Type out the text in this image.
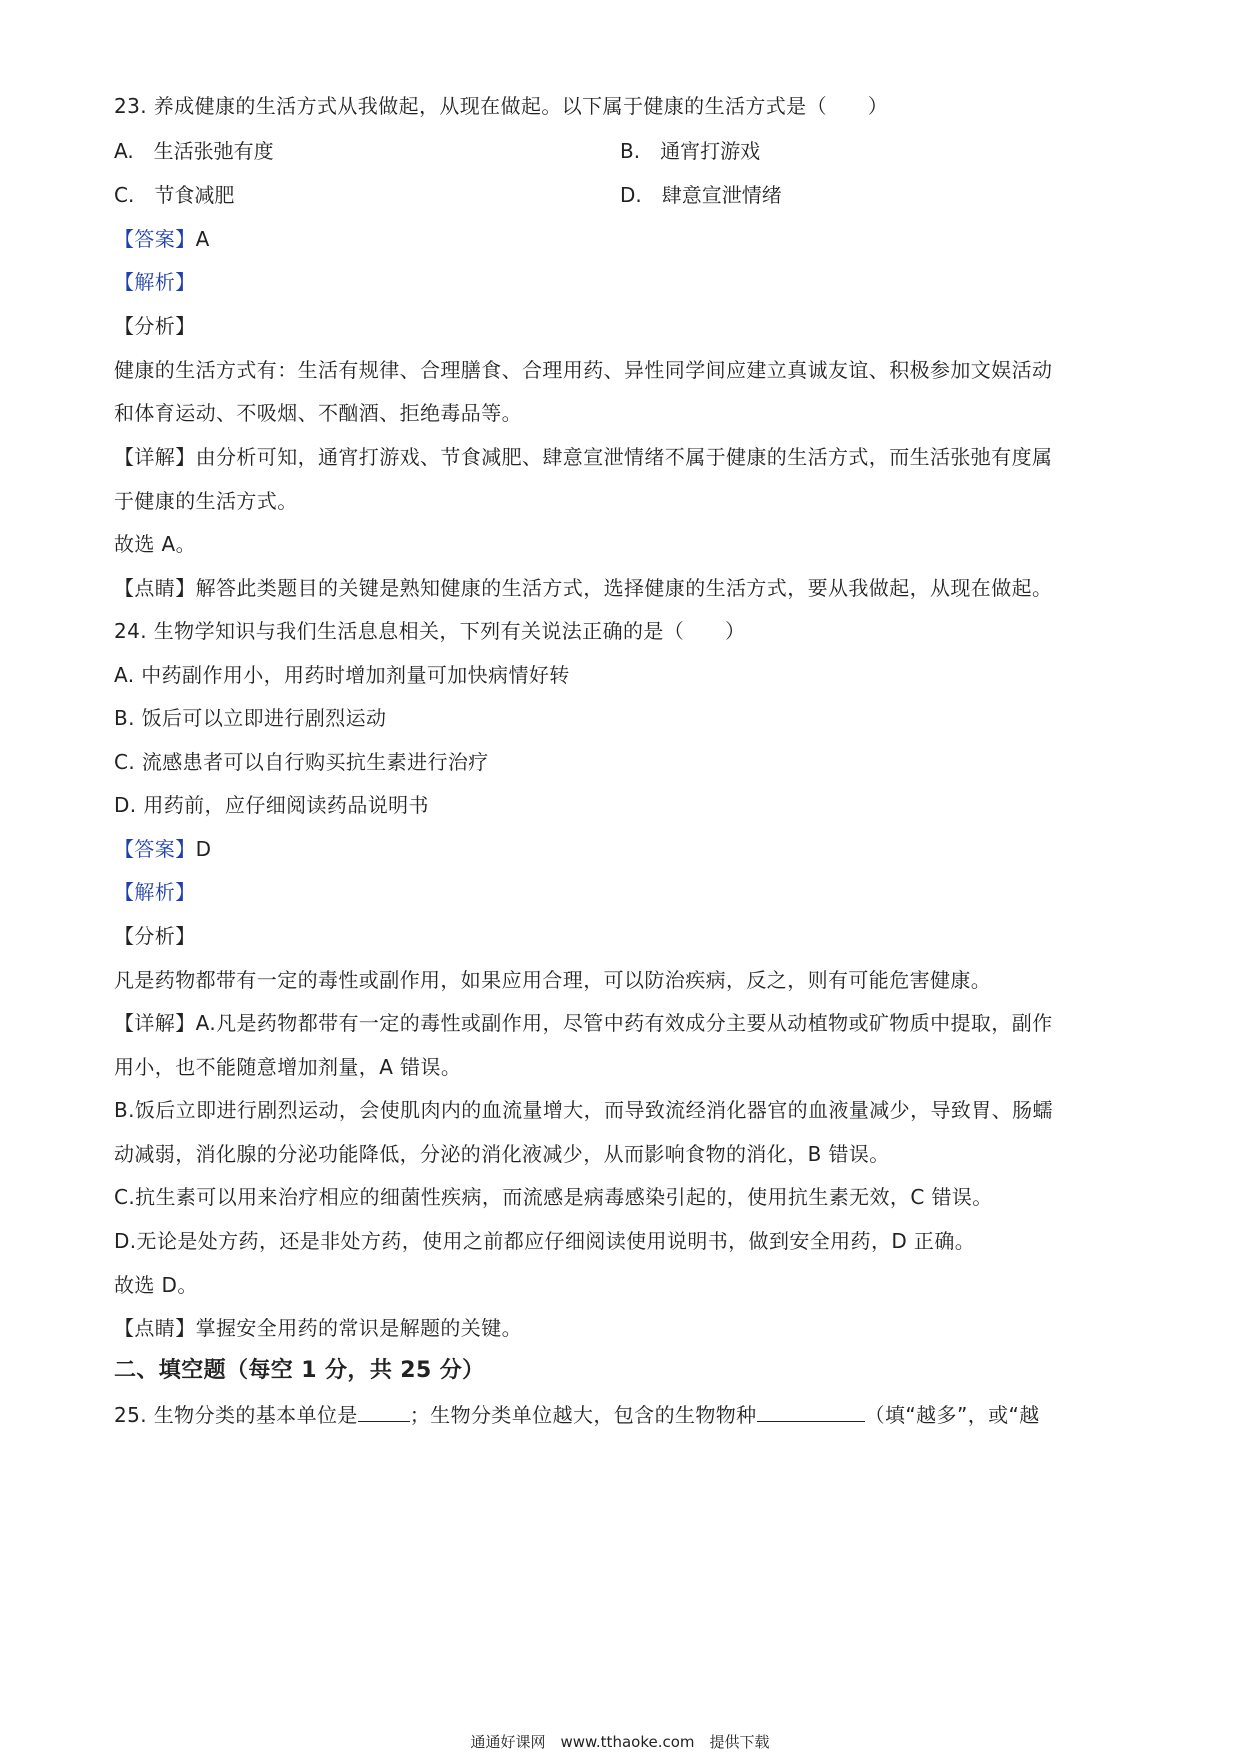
23. 养成健康的生活方式从我做起，从现在做起。以下属于健康的生活方式是（　　）
A.　生活张弛有度	B.　通宵打游戏
C.　节食减肥	D.　肆意宣泄情绪
【答案】A
【解析】
【分析】
健康的生活方式有：生活有规律、合理膳食、合理用药、异性同学间应建立真诚友谊、积极参加文娱活动
和体育运动、不吸烟、不酗酒、拒绝毒品等。
【详解】由分析可知，通宵打游戏、节食减肥、肆意宣泄情绪不属于健康的生活方式，而生活张弛有度属
于健康的生活方式。
故选 A。
【点睛】解答此类题目的关键是熟知健康的生活方式，选择健康的生活方式，要从我做起，从现在做起。
24. 生物学知识与我们生活息息相关，下列有关说法正确的是（　　）
A. 中药副作用小，用药时增加剂量可加快病情好转
B. 饭后可以立即进行剧烈运动
C. 流感患者可以自行购买抗生素进行治疗
D. 用药前，应仔细阅读药品说明书
【答案】D
【解析】
【分析】
凡是药物都带有一定的毒性或副作用，如果应用合理，可以防治疾病，反之，则有可能危害健康。
【详解】A.凡是药物都带有一定的毒性或副作用，尽管中药有效成分主要从动植物或矿物质中提取，副作
用小，也不能随意增加剂量，A 错误。
B.饭后立即进行剧烈运动，会使肌肉内的血流量增大，而导致流经消化器官的血液量减少，导致胃、肠蠕
动减弱，消化腺的分泌功能降低，分泌的消化液减少，从而影响食物的消化，B 错误。
C.抗生素可以用来治疗相应的细菌性疾病，而流感是病毒感染引起的，使用抗生素无效，C 错误。
D.无论是处方药，还是非处方药，使用之前都应仔细阅读使用说明书，做到安全用药，D 正确。
故选 D。
【点睛】掌握安全用药的常识是解题的关键。
二、填空题（每空 1 分，共 25 分）
25. 生物分类的基本单位是	；生物分类单位越大，包含的生物物种	（填“越多”，或“越
通通好课网　www.tthaoke.com　提供下载
